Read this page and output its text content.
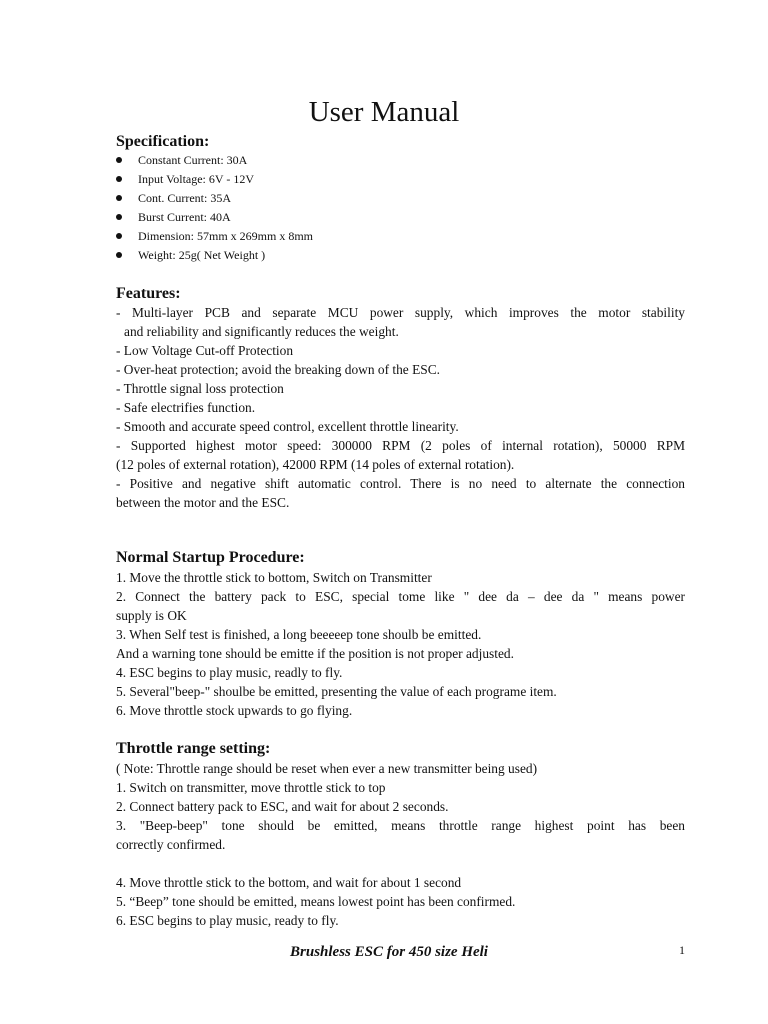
User Manual
Specification:
Constant Current: 30A
Input Voltage: 6V - 12V
Cont. Current: 35A
Burst Current: 40A
Dimension: 57mm x 269mm x 8mm
Weight: 25g( Net Weight )
Features:
- Multi-layer PCB and separate MCU power supply, which improves the motor stability
and reliability and significantly reduces the weight.
- Low Voltage Cut-off Protection
- Over-heat protection; avoid the breaking down of the ESC.
- Throttle signal loss protection
- Safe electrifies function.
- Smooth and accurate speed control, excellent throttle linearity.
- Supported highest motor speed: 300000 RPM (2 poles of internal rotation), 50000 RPM
(12 poles of external rotation), 42000 RPM (14 poles of external rotation).
- Positive and negative shift automatic control. There is no need to alternate the connection
between the motor and the ESC.
Normal Startup Procedure:
1. Move the throttle stick to bottom, Switch on Transmitter
2. Connect the battery pack to ESC, special tome like " dee da – dee da " means power
supply is OK
3. When Self test is finished, a long beeeeep tone shoulb be emitted.
And a warning tone should be emitte if the position is not proper adjusted.
4. ESC begins to play music, readly to fly.
5. Several"beep-" shoulbe be emitted, presenting the value of each programe item.
6. Move throttle stock upwards to go flying.
Throttle range setting:
( Note: Throttle range should be reset when ever a new transmitter being used)
1. Switch on transmitter, move throttle stick to top
2. Connect battery pack to ESC, and wait for about 2 seconds.
3. "Beep-beep" tone should be emitted, means throttle range highest point has been
correctly confirmed.
4. Move throttle stick to the bottom, and wait for about 1 second
5. “Beep” tone should be emitted, means lowest point has been confirmed.
6. ESC begins to play music, ready to fly.
Brushless ESC for 450 size Heli	1
